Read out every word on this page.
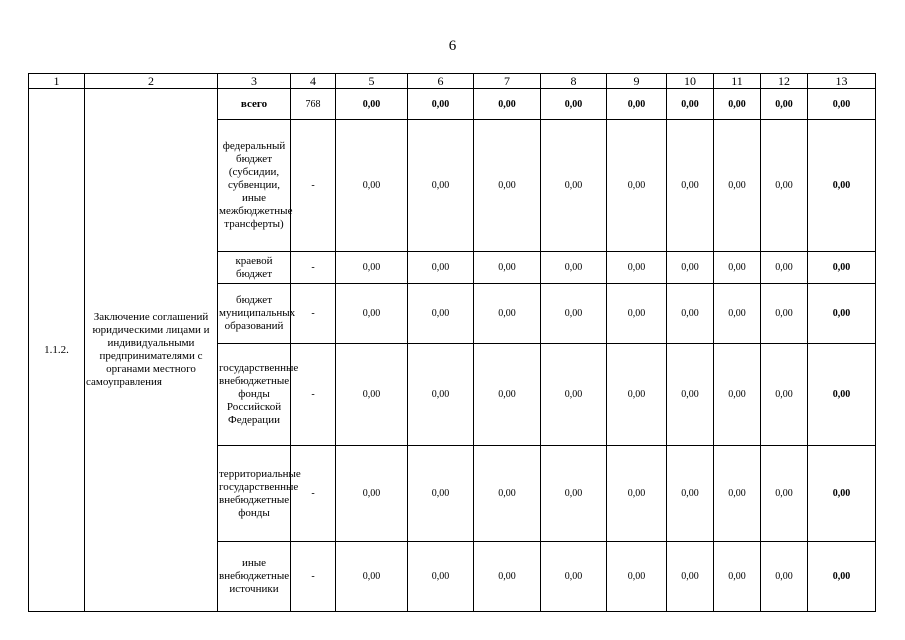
6
1	2	3	4	5	6	7	8	9	10	11	12	13
1.1.2.	Заключение соглашений юридическими лицами и индивидуальными предпринимателями с органами местного самоуправления	всего	768	0,00	0,00	0,00	0,00	0,00	0,00	0,00	0,00	0,00
		федеральный бюджет (субсидии, субвенции, иные межбюджетные трансферты)	-	0,00	0,00	0,00	0,00	0,00	0,00	0,00	0,00	0,00
		краевой бюджет	-	0,00	0,00	0,00	0,00	0,00	0,00	0,00	0,00	0,00
		бюджет муниципальных образований	-	0,00	0,00	0,00	0,00	0,00	0,00	0,00	0,00	0,00
		государственные внебюджетные фонды Российской Федерации	-	0,00	0,00	0,00	0,00	0,00	0,00	0,00	0,00	0,00
		территориальные государственные внебюджетные фонды	-	0,00	0,00	0,00	0,00	0,00	0,00	0,00	0,00	0,00
		иные внебюджетные источники	-	0,00	0,00	0,00	0,00	0,00	0,00	0,00	0,00	0,00
